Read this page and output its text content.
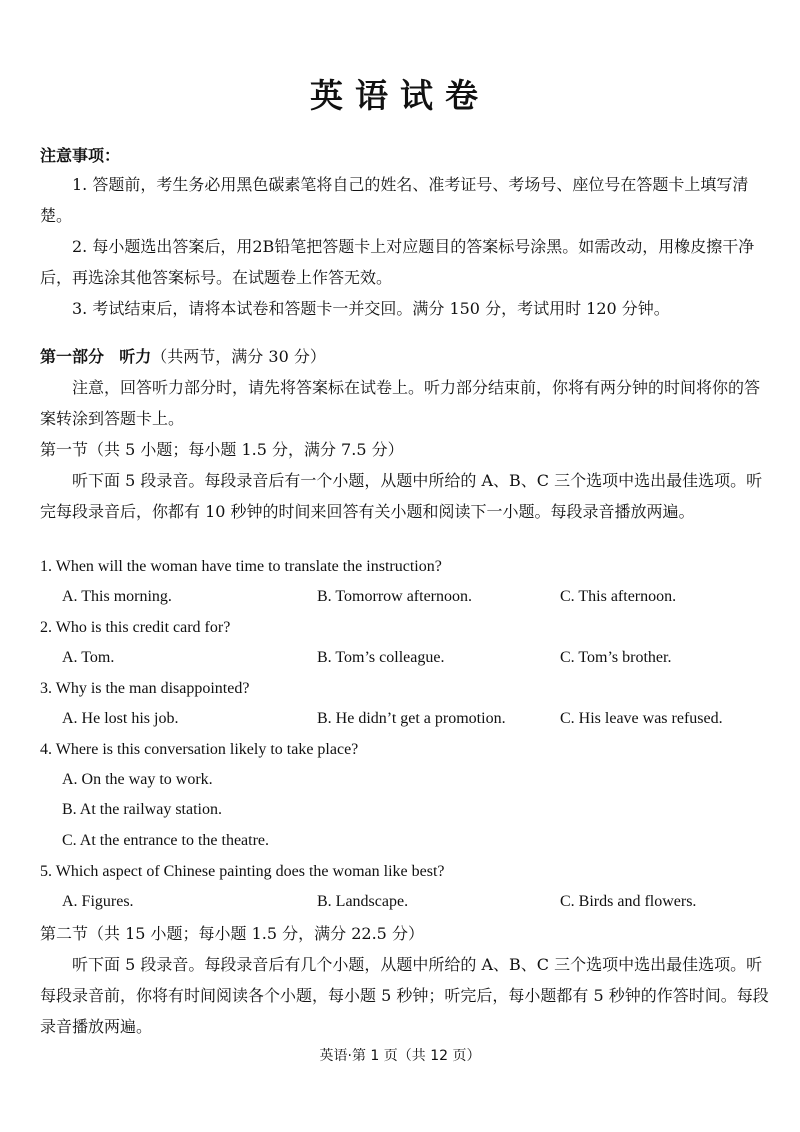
英语试卷
注意事项：

1. 答题前，考生务必用黑色碳素笔将自己的姓名、准考证号、考场号、座位号在答题卡上填写清楚。

2. 每小题选出答案后，用2B铅笔把答题卡上对应题目的答案标号涂黑。如需改动，用橡皮擦干净后，再选涂其他答案标号。在试题卷上作答无效。

3. 考试结束后，请将本试卷和答题卡一并交回。满分 150 分，考试用时 120 分钟。

第一部分 听力（共两节，满分 30 分）

注意，回答听力部分时，请先将答案标在试卷上。听力部分结束前，你将有两分钟的时间将你的答案转涂到答题卡上。

第一节（共 5 小题；每小题 1.5 分，满分 7.5 分）

听下面 5 段录音。每段录音后有一个小题，从题中所给的 A、B、C 三个选项中选出最佳选项。听完每段录音后，你都有 10 秒钟的时间来回答有关小题和阅读下一小题。每段录音播放两遍。

1. When will the woman have time to translate the instruction?
A. This morning.	B. Tomorrow afternoon.	C. This afternoon.
2. Who is this credit card for?
A. Tom.	B. Tom’s colleague.	C. Tom’s brother.
3. Why is the man disappointed?
A. He lost his job.	B. He didn’t get a promotion.	C. His leave was refused.
4. Where is this conversation likely to take place?
A. On the way to work.
B. At the railway station.
C. At the entrance to the theatre.
5. Which aspect of Chinese painting does the woman like best?
A. Figures.	B. Landscape.	C. Birds and flowers.
第二节（共 15 小题；每小题 1.5 分，满分 22.5 分）

听下面 5 段录音。每段录音后有几个小题，从题中所给的 A、B、C 三个选项中选出最佳选项。听每段录音前，你将有时间阅读各个小题，每小题 5 秒钟；听完后，每小题都有 5 秒钟的作答时间。每段录音播放两遍。

英语·第 1 页（共 12 页）
